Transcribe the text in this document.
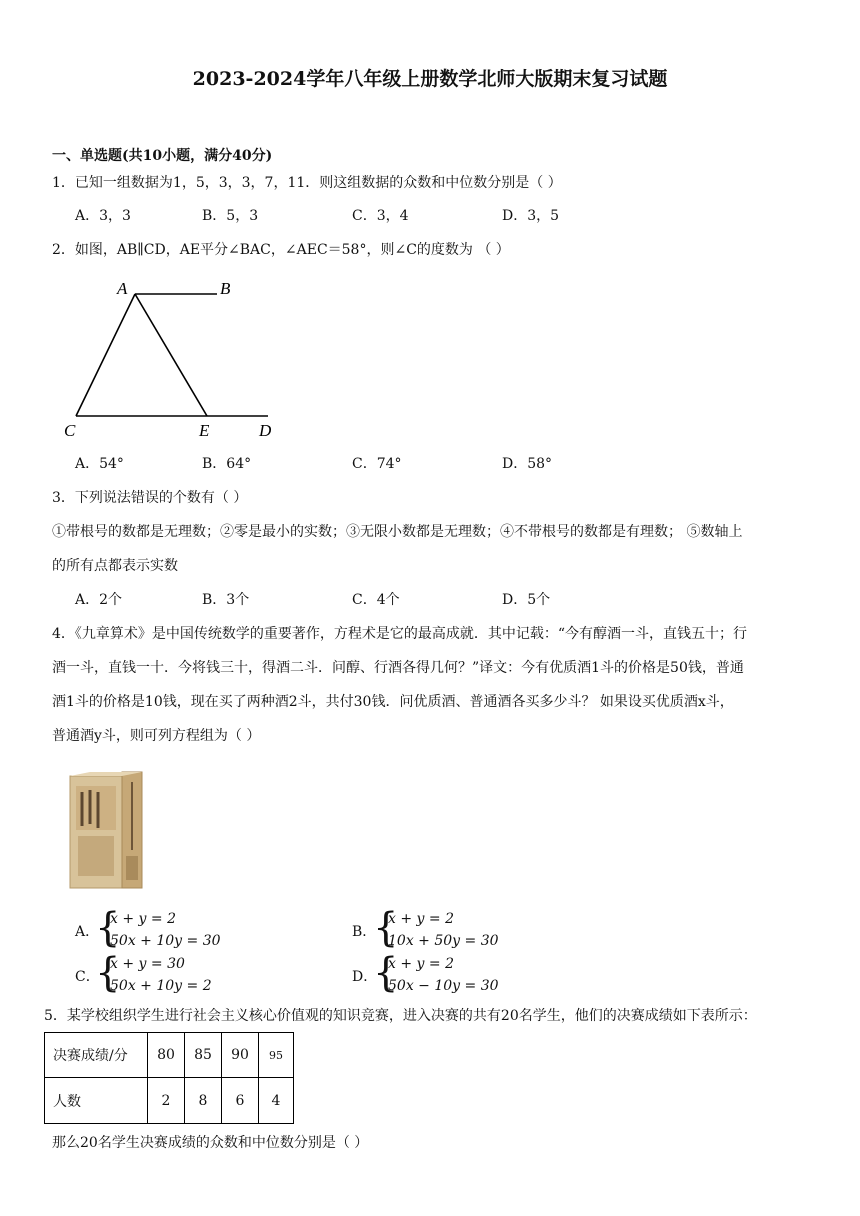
2023-2024学年八年级上册数学北师大版期末复习试题
一、单选题(共10小题，满分40分)
1．已知一组数据为1，5，3，3，7，11．则这组数据的众数和中位数分别是（ ）
A．3，3	B．5，3	C．3，4	D．3，5
2．如图，AB∥CD，AE平分∠BAC，∠AEC＝58°，则∠C的度数为 （ ）
A	B
C	E	D
A．54°	B．64°	C．74°	D．58°
3．下列说法错误的个数有（ ）
①带根号的数都是无理数；②零是最小的实数；③无限小数都是无理数；④不带根号的数都是有理数； ⑤数轴上
的所有点都表示实数
A．2个	B．3个	C．4个	D．5个
4．《九章算术》是中国传统数学的重要著作，方程术是它的最高成就．其中记载：“今有醇酒一斗，直钱五十；行
酒一斗，直钱一十．今将钱三十，得酒二斗．问醇、行酒各得几何？”译文：今有优质酒1斗的价格是50钱，普通
酒1斗的价格是10钱，现在买了两种酒2斗，共付30钱．问优质酒、普通酒各买多少斗？ 如果设买优质酒x斗，
普通酒y斗，则可列方程组为（ ）
A．
{
x + y = 2
50x + 10y = 30
B．
{
x + y = 2
10x + 50y = 30
C．
{
x + y = 30
50x + 10y = 2
D．
{
x + y = 2
50x − 10y = 30
5．某学校组织学生进行社会主义核心价值观的知识竞赛，进入决赛的共有20名学生，他们的决赛成绩如下表所示：
决赛成绩/分	80	85	90	95
人数	2	8	6	4
那么20名学生决赛成绩的众数和中位数分别是（ ）
